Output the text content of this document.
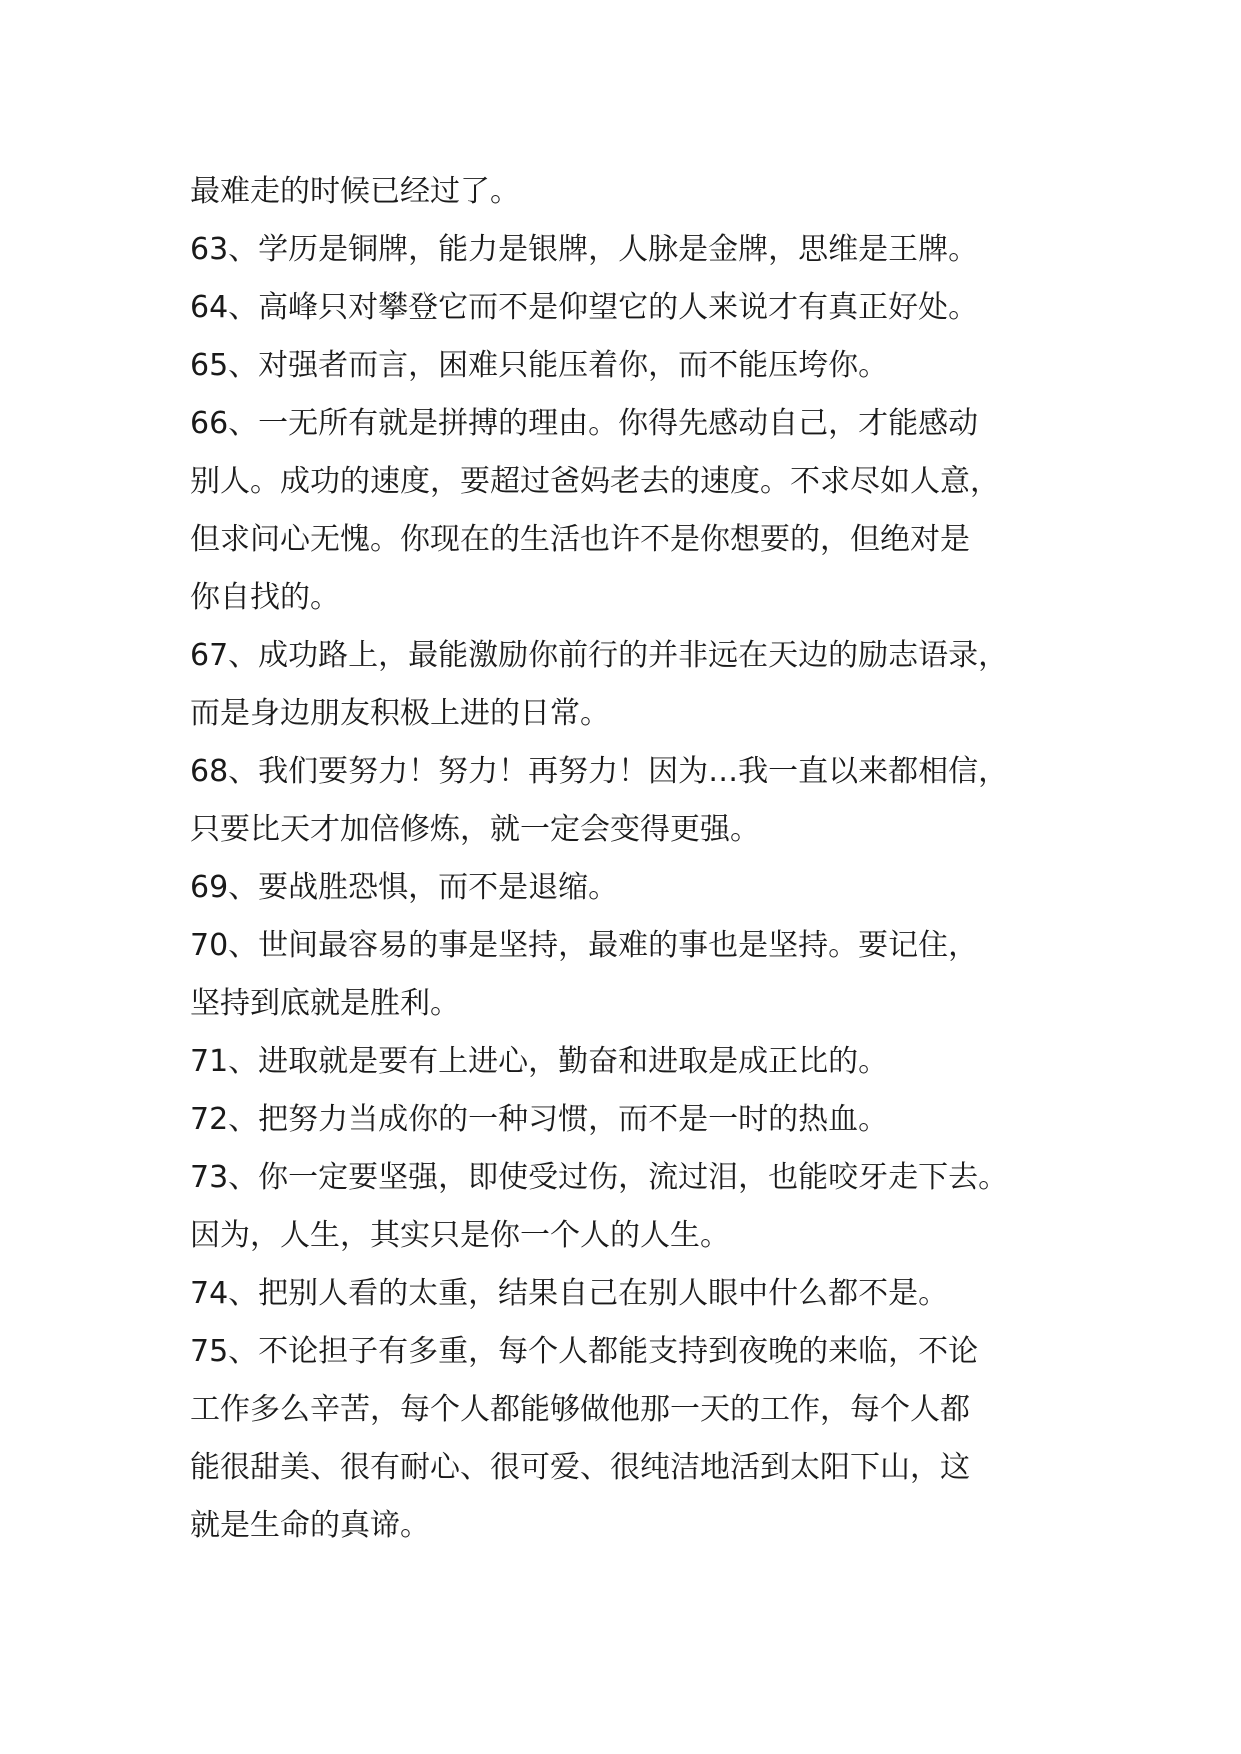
最难走的时候已经过了。
63、学历是铜牌，能力是银牌，人脉是金牌，思维是王牌。
64、高峰只对攀登它而不是仰望它的人来说才有真正好处。
65、对强者而言，困难只能压着你，而不能压垮你。
66、一无所有就是拼搏的理由。你得先感动自己，才能感动
别人。成功的速度，要超过爸妈老去的速度。不求尽如人意，
但求问心无愧。你现在的生活也许不是你想要的，但绝对是
你自找的。
67、成功路上，最能激励你前行的并非远在天边的励志语录，
而是身边朋友积极上进的日常。
68、我们要努力！努力！再努力！因为…我一直以来都相信，
只要比天才加倍修炼，就一定会变得更强。
69、要战胜恐惧，而不是退缩。
70、世间最容易的事是坚持，最难的事也是坚持。要记住，
坚持到底就是胜利。
71、进取就是要有上进心，勤奋和进取是成正比的。
72、把努力当成你的一种习惯，而不是一时的热血。
73、你一定要坚强，即使受过伤，流过泪，也能咬牙走下去。
因为，人生，其实只是你一个人的人生。
74、把别人看的太重，结果自己在别人眼中什么都不是。
75、不论担子有多重，每个人都能支持到夜晚的来临，不论
工作多么辛苦，每个人都能够做他那一天的工作，每个人都
能很甜美、很有耐心、很可爱、很纯洁地活到太阳下山，这
就是生命的真谛。
